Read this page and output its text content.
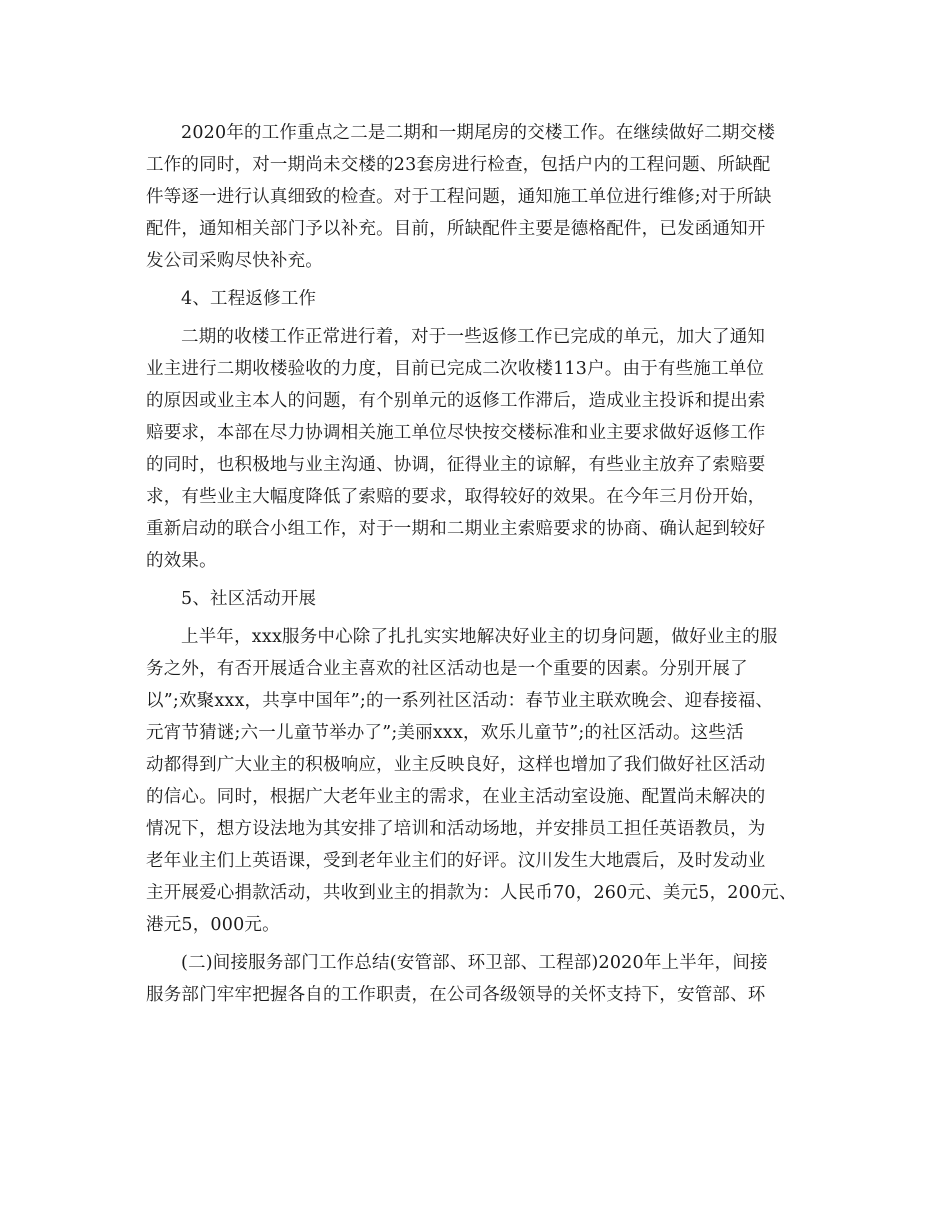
2020年的工作重点之二是二期和一期尾房的交楼工作。在继续做好二期交楼
工作的同时，对一期尚未交楼的23套房进行检查，包括户内的工程问题、所缺配
件等逐一进行认真细致的检查。对于工程问题，通知施工单位进行维修;对于所缺
配件，通知相关部门予以补充。目前，所缺配件主要是德格配件，已发函通知开
发公司采购尽快补充。
4、工程返修工作
二期的收楼工作正常进行着，对于一些返修工作已完成的单元，加大了通知
业主进行二期收楼验收的力度，目前已完成二次收楼113户。由于有些施工单位
的原因或业主本人的问题，有个别单元的返修工作滞后，造成业主投诉和提出索
赔要求，本部在尽力协调相关施工单位尽快按交楼标准和业主要求做好返修工作
的同时，也积极地与业主沟通、协调，征得业主的谅解，有些业主放弃了索赔要
求，有些业主大幅度降低了索赔的要求，取得较好的效果。在今年三月份开始，
重新启动的联合小组工作，对于一期和二期业主索赔要求的协商、确认起到较好
的效果。
5、社区活动开展
上半年，xxx服务中心除了扎扎实实地解决好业主的切身问题，做好业主的服
务之外，有否开展适合业主喜欢的社区活动也是一个重要的因素。分别开展了
以”;欢聚xxx，共享中国年”;的一系列社区活动：春节业主联欢晚会、迎春接福、
元宵节猜谜;六一儿童节举办了”;美丽xxx，欢乐儿童节”;的社区活动。这些活
动都得到广大业主的积极响应，业主反映良好，这样也增加了我们做好社区活动
的信心。同时，根据广大老年业主的需求，在业主活动室设施、配置尚未解决的
情况下，想方设法地为其安排了培训和活动场地，并安排员工担任英语教员，为
老年业主们上英语课，受到老年业主们的好评。汶川发生大地震后，及时发动业
主开展爱心捐款活动，共收到业主的捐款为：人民币70，260元、美元5，200元、
港元5，000元。
(二)间接服务部门工作总结(安管部、环卫部、工程部)2020年上半年，间接
服务部门牢牢把握各自的工作职责，在公司各级领导的关怀支持下，安管部、环
